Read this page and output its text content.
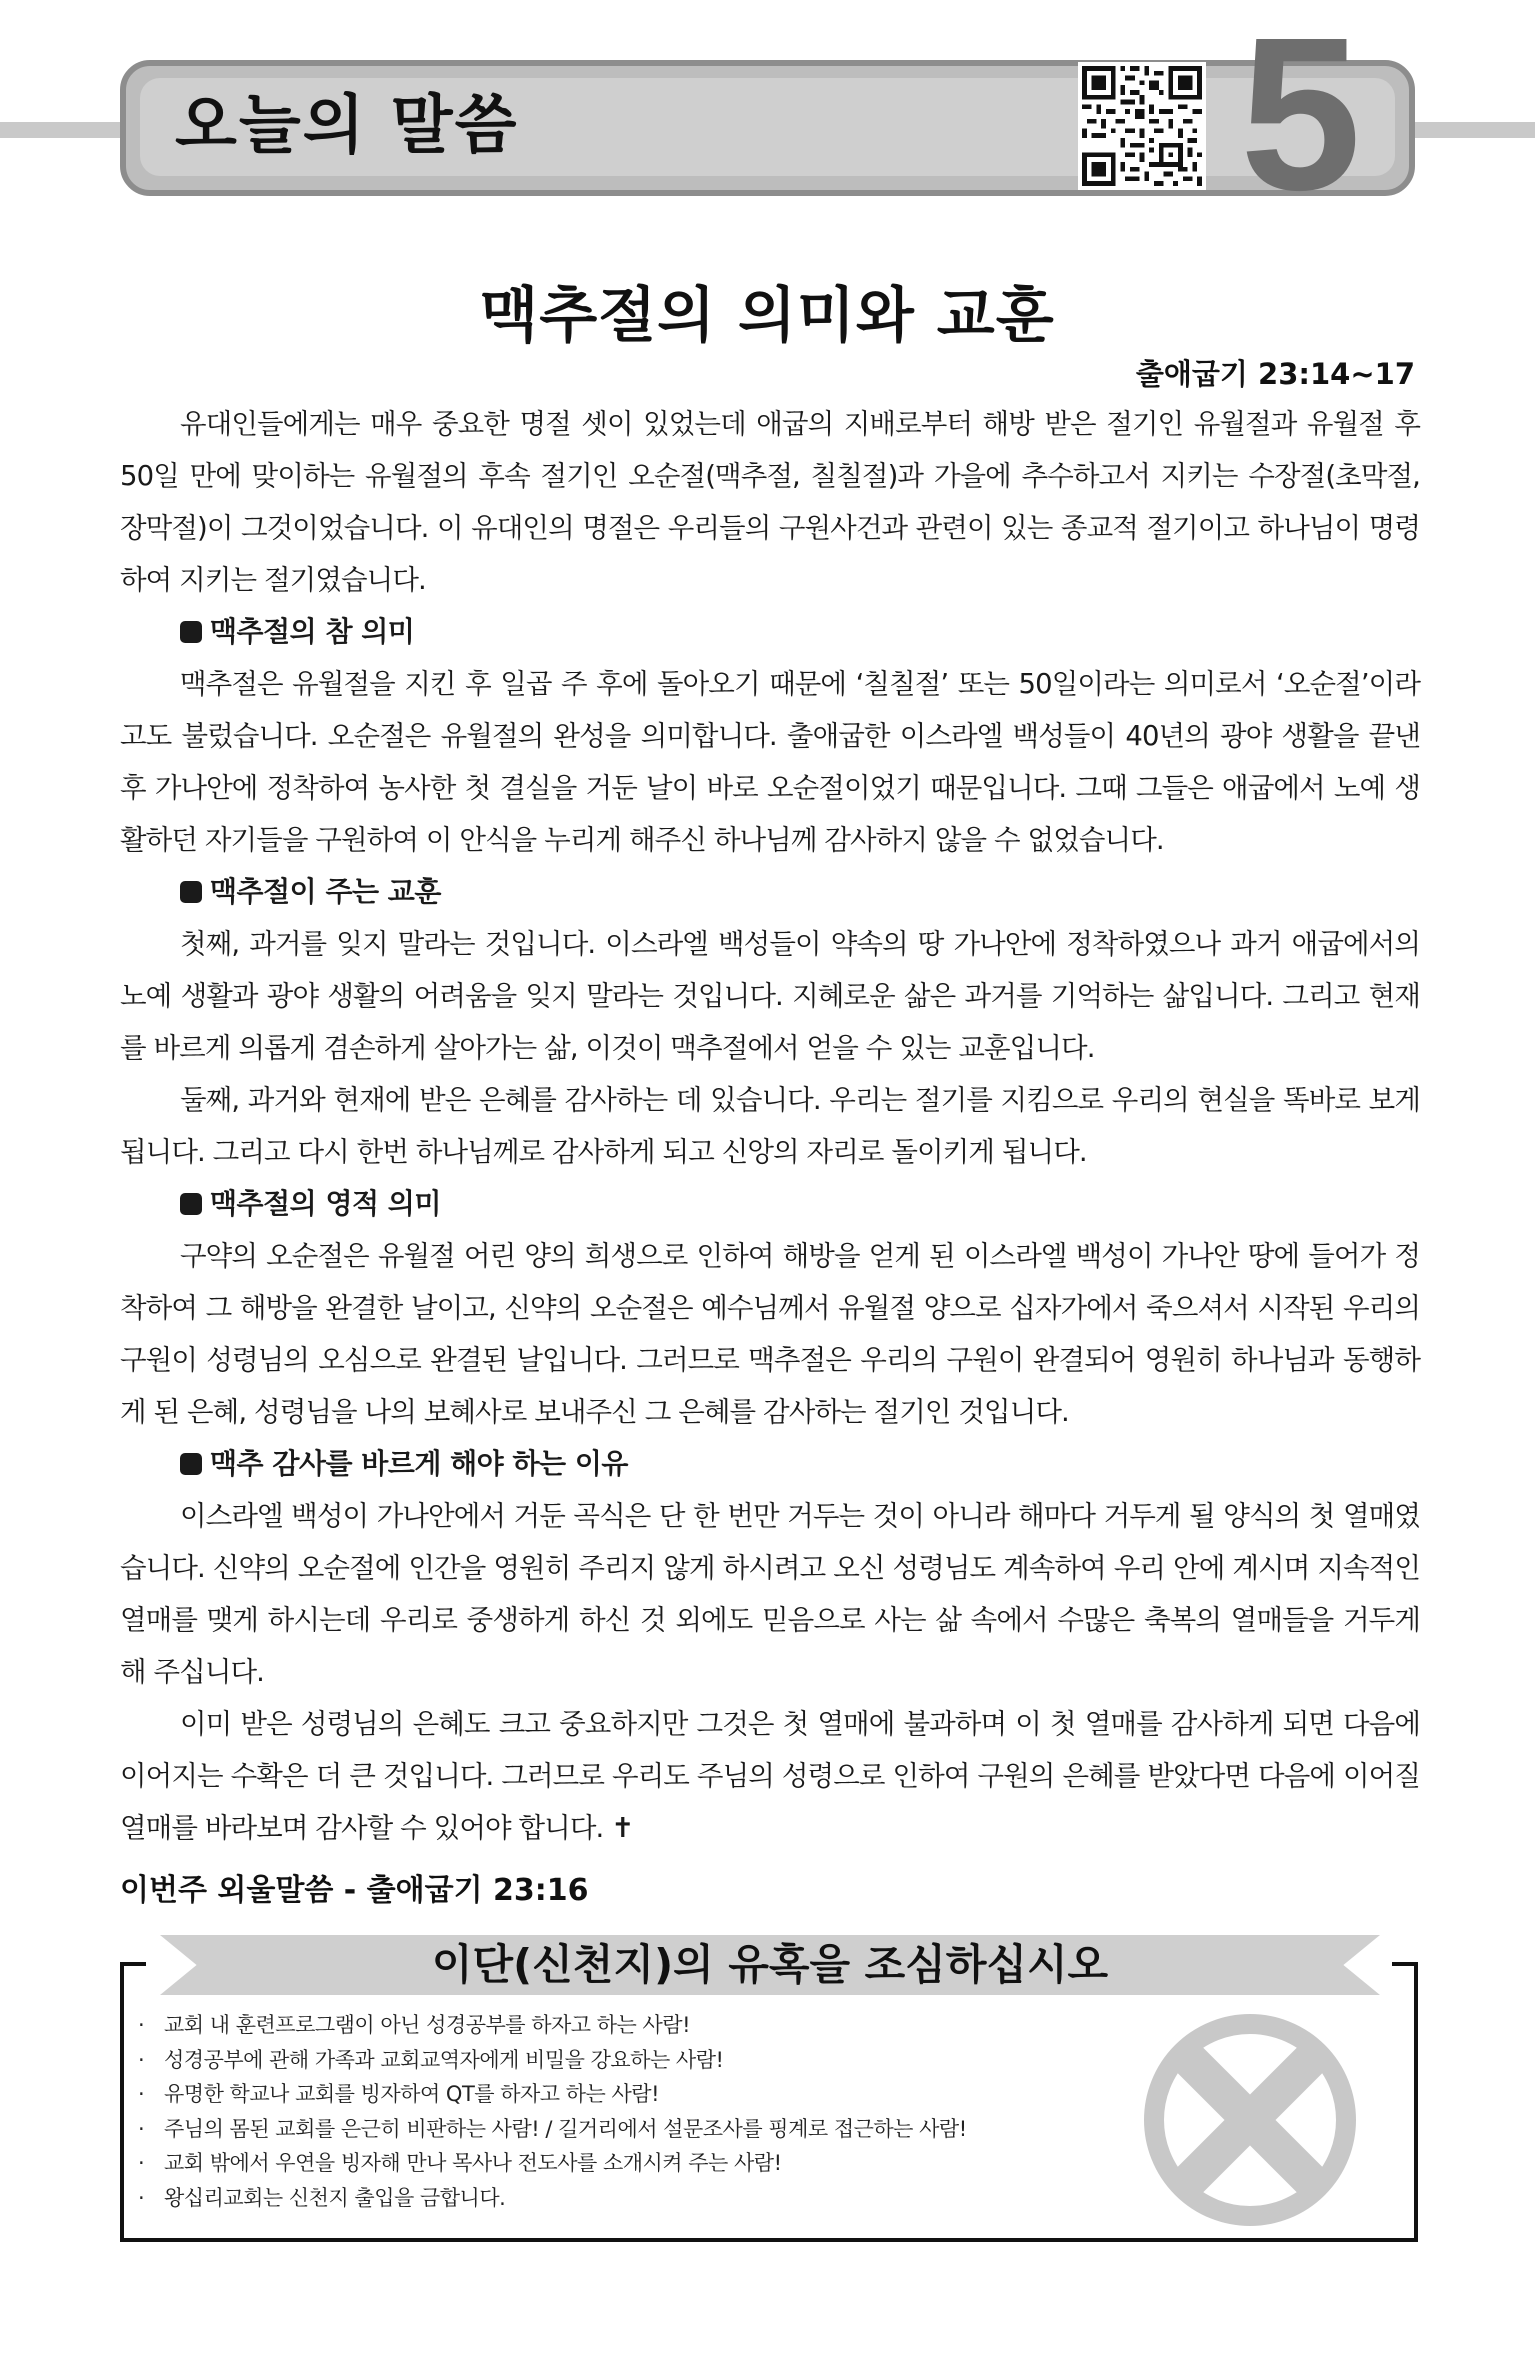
오늘의 말씀	5
맥추절의 의미와 교훈
출애굽기 23:14~17

유대인들에게는 매우 중요한 명절 셋이 있었는데 애굽의 지배로부터 해방 받은 절기인 유월절과 유월절 후 50일 만에 맞이하는 유월절의 후속 절기인 오순절(맥추절, 칠칠절)과 가을에 추수하고서 지키는 수장절(초막절, 장막절)이 그것이었습니다. 이 유대인의 명절은 우리들의 구원사건과 관련이 있는 종교적 절기이고 하나님이 명령하여 지키는 절기였습니다.

맥추절의 참 의미

맥추절은 유월절을 지킨 후 일곱 주 후에 돌아오기 때문에 ‘칠칠절’ 또는 50일이라는 의미로서 ‘오순절’이라고도 불렀습니다. 오순절은 유월절의 완성을 의미합니다. 출애굽한 이스라엘 백성들이 40년의 광야 생활을 끝낸 후 가나안에 정착하여 농사한 첫 결실을 거둔 날이 바로 오순절이었기 때문입니다. 그때 그들은 애굽에서 노예 생활하던 자기들을 구원하여 이 안식을 누리게 해주신 하나님께 감사하지 않을 수 없었습니다.

맥추절이 주는 교훈

첫째, 과거를 잊지 말라는 것입니다. 이스라엘 백성들이 약속의 땅 가나안에 정착하였으나 과거 애굽에서의 노예 생활과 광야 생활의 어려움을 잊지 말라는 것입니다. 지혜로운 삶은 과거를 기억하는 삶입니다. 그리고 현재를 바르게 의롭게 겸손하게 살아가는 삶, 이것이 맥추절에서 얻을 수 있는 교훈입니다.

둘째, 과거와 현재에 받은 은혜를 감사하는 데 있습니다. 우리는 절기를 지킴으로 우리의 현실을 똑바로 보게 됩니다. 그리고 다시 한번 하나님께로 감사하게 되고 신앙의 자리로 돌이키게 됩니다.

맥추절의 영적 의미

구약의 오순절은 유월절 어린 양의 희생으로 인하여 해방을 얻게 된 이스라엘 백성이 가나안 땅에 들어가 정착하여 그 해방을 완결한 날이고, 신약의 오순절은 예수님께서 유월절 양으로 십자가에서 죽으셔서 시작된 우리의 구원이 성령님의 오심으로 완결된 날입니다. 그러므로 맥추절은 우리의 구원이 완결되어 영원히 하나님과 동행하게 된 은혜, 성령님을 나의 보혜사로 보내주신 그 은혜를 감사하는 절기인 것입니다.

맥추 감사를 바르게 해야 하는 이유

이스라엘 백성이 가나안에서 거둔 곡식은 단 한 번만 거두는 것이 아니라 해마다 거두게 될 양식의 첫 열매였습니다. 신약의 오순절에 인간을 영원히 주리지 않게 하시려고 오신 성령님도 계속하여 우리 안에 계시며 지속적인 열매를 맺게 하시는데 우리로 중생하게 하신 것 외에도 믿음으로 사는 삶 속에서 수많은 축복의 열매들을 거두게 해 주십니다.

이미 받은 성령님의 은혜도 크고 중요하지만 그것은 첫 열매에 불과하며 이 첫 열매를 감사하게 되면 다음에 이어지는 수확은 더 큰 것입니다. 그러므로 우리도 주님의 성령으로 인하여 구원의 은혜를 받았다면 다음에 이어질 열매를 바라보며 감사할 수 있어야 합니다. ✝

이번주 외울말씀 - 출애굽기 23:16
이단(신천지)의 유혹을 조심하십시오
· 교회 내 훈련프로그램이 아닌 성경공부를 하자고 하는 사람!
· 성경공부에 관해 가족과 교회교역자에게 비밀을 강요하는 사람!
· 유명한 학교나 교회를 빙자하여 QT를 하자고 하는 사람!
· 주님의 몸된 교회를 은근히 비판하는 사람! / 길거리에서 설문조사를 핑계로 접근하는 사람!
· 교회 밖에서 우연을 빙자해 만나 목사나 전도사를 소개시켜 주는 사람!
· 왕십리교회는 신천지 출입을 금합니다.
